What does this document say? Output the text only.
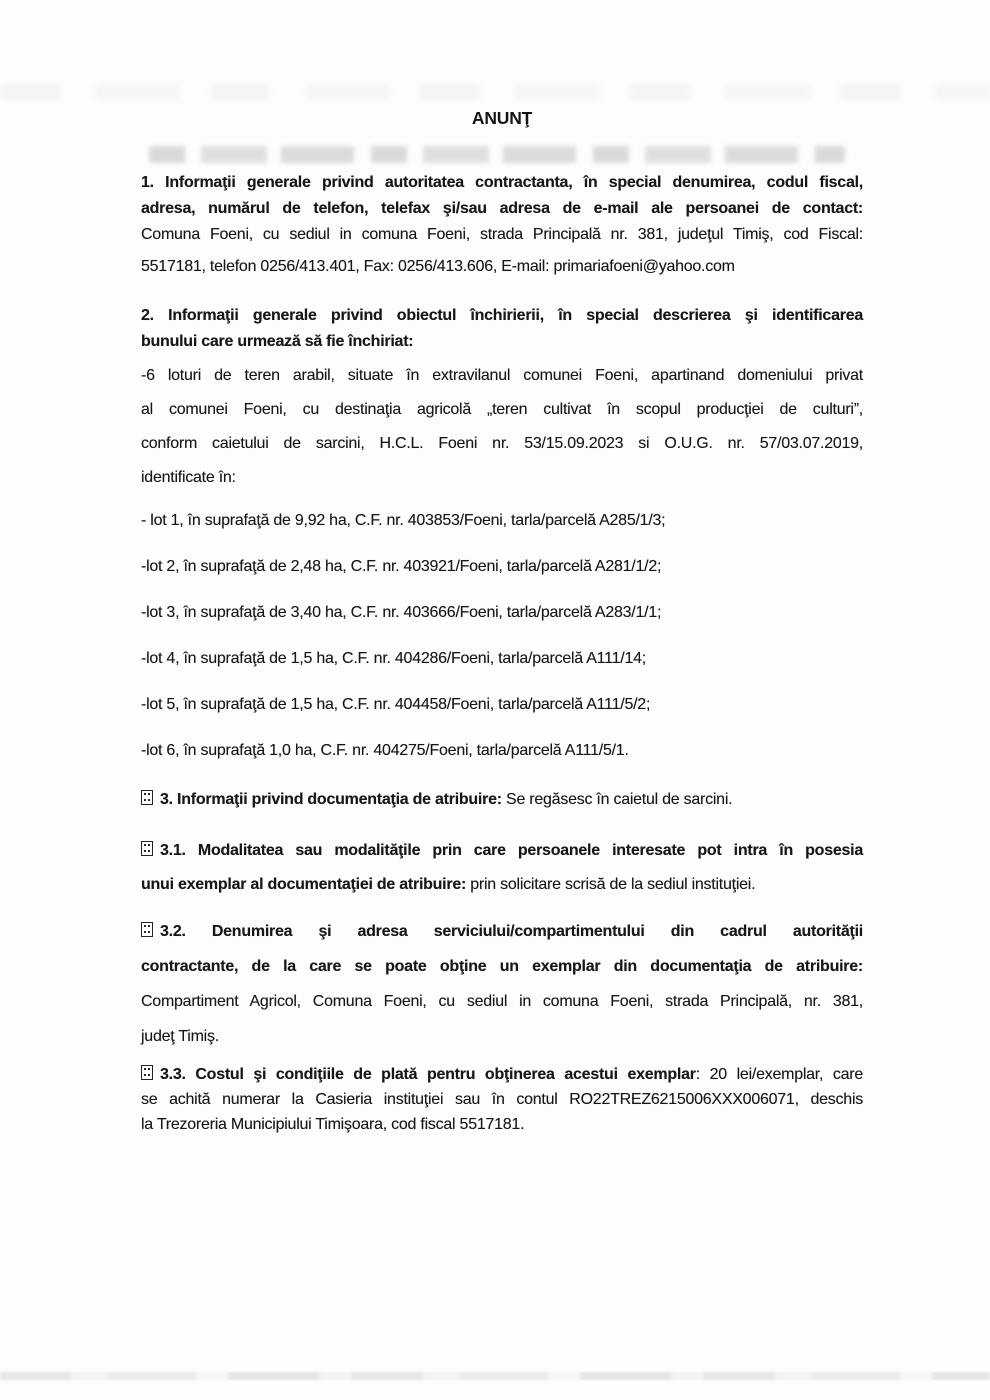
ANUNŢ
1. Informaţii generale privind autoritatea contractanta, în special denumirea, codul fiscal,
adresa, numărul de telefon, telefax şi/sau adresa de e-mail ale persoanei de contact:
Comuna Foeni, cu sediul in comuna Foeni, strada Principală nr. 381, judeţul Timiş, cod Fiscal:
5517181, telefon 0256/413.401, Fax: 0256/413.606, E-mail: primariafoeni@yahoo.com
2. Informaţii generale privind obiectul închirierii, în special descrierea şi identificarea
bunului care urmează să fie închiriat:
-6 loturi de teren arabil, situate în extravilanul comunei Foeni, apartinand domeniului privat
al comunei Foeni, cu destinaţia agricolă „teren cultivat în scopul producţiei de culturi”,
conform caietului de sarcini, H.C.L. Foeni nr. 53/15.09.2023 si O.U.G. nr. 57/03.07.2019,
identificate în:
- lot 1, în suprafaţă de 9,92 ha, C.F. nr. 403853/Foeni, tarla/parcelă A285/1/3;
-lot 2, în suprafaţă de 2,48 ha, C.F. nr. 403921/Foeni, tarla/parcelă A281/1/2;
-lot 3, în suprafaţă de 3,40 ha, C.F. nr. 403666/Foeni, tarla/parcelă A283/1/1;
-lot 4, în suprafaţă de 1,5 ha, C.F. nr. 404286/Foeni, tarla/parcelă A111/14;
-lot 5, în suprafaţă de 1,5 ha, C.F. nr. 404458/Foeni, tarla/parcelă A111/5/2;
-lot 6, în suprafaţă 1,0 ha, C.F. nr. 404275/Foeni, tarla/parcelă A111/5/1.
3. Informaţii privind documentaţia de atribuire: Se regăsesc în caietul de sarcini.
3.1. Modalitatea sau modalităţile prin care persoanele interesate pot intra în posesia
unui exemplar al documentaţiei de atribuire: prin solicitare scrisă de la sediul instituţiei.
3.2. Denumirea şi adresa serviciului/compartimentului din cadrul autorităţii
contractante, de la care se poate obţine un exemplar din documentaţia de atribuire:
Compartiment Agricol, Comuna Foeni, cu sediul in comuna Foeni, strada Principală, nr. 381,
judeţ Timiş.
3.3. Costul şi condiţiile de plată pentru obţinerea acestui exemplar: 20 lei/exemplar, care
se achită numerar la Casieria instituţiei sau în contul RO22TREZ6215006XXX006071, deschis
la Trezoreria Municipiului Timişoara, cod fiscal 5517181.
